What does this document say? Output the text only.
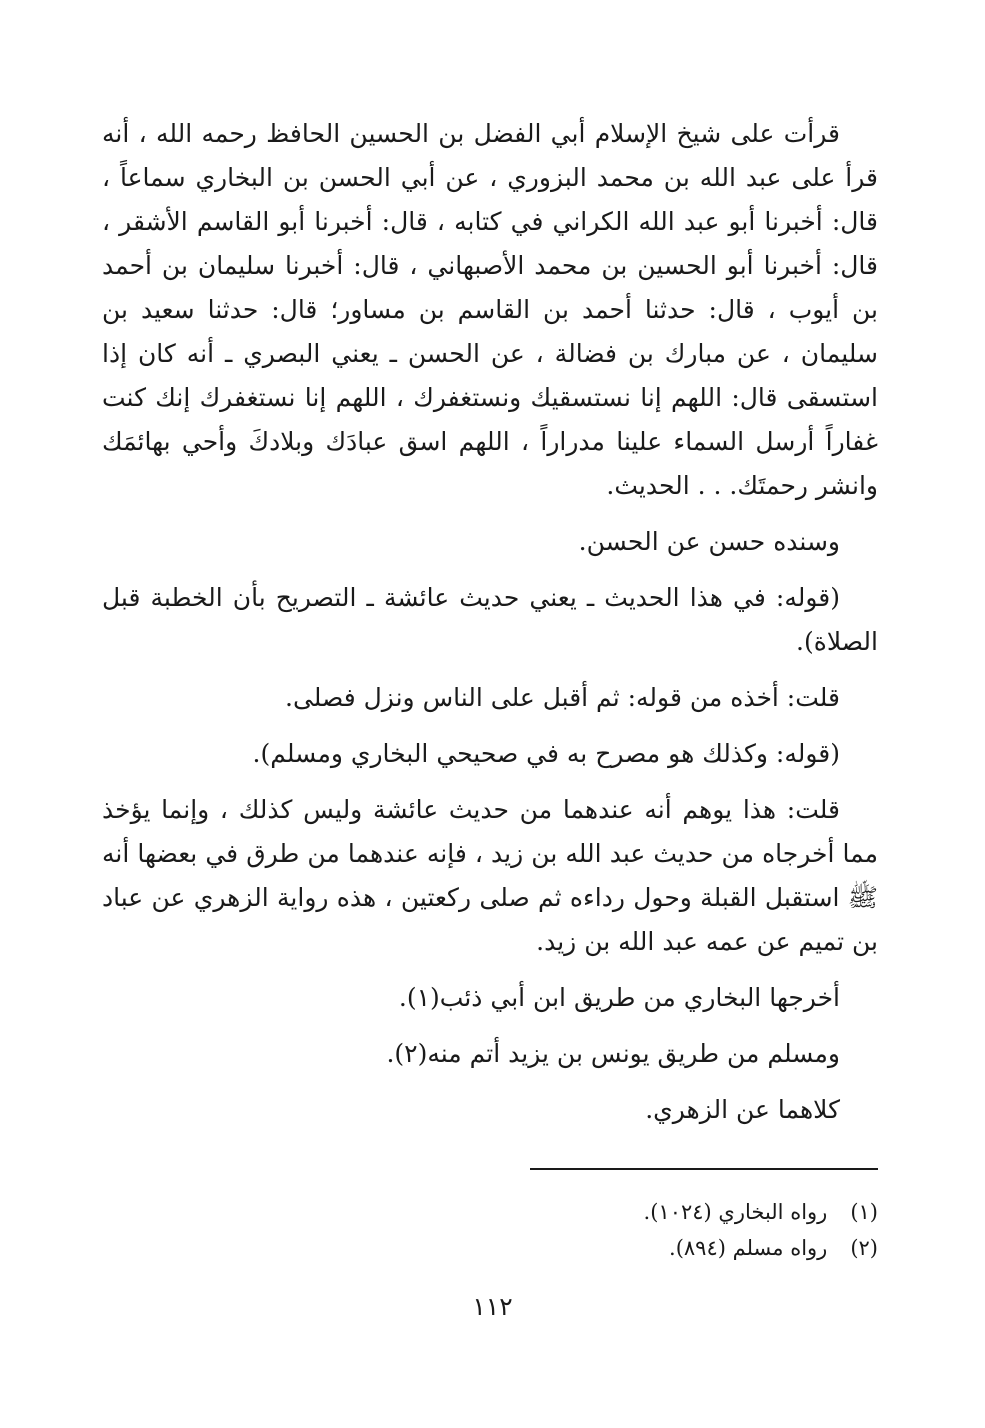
قرأت على شيخ الإسلام أبي الفضل بن الحسين الحافظ رحمه الله ، أنه قرأ على عبد الله بن محمد البزوري ، عن أبي الحسن بن البخاري سماعاً ، قال: أخبرنا أبو عبد الله الكراني في كتابه ، قال: أخبرنا أبو القاسم الأشقر ، قال: أخبرنا أبو الحسين بن محمد الأصبهاني ، قال: أخبرنا سليمان بن أحمد بن أيوب ، قال: حدثنا أحمد بن القاسم بن مساور؛ قال: حدثنا سعيد بن سليمان ، عن مبارك بن فضالة ، عن الحسن ـ يعني البصري ـ أنه كان إذا استسقى قال: اللهم إنا نستسقيك ونستغفرك ، اللهم إنا نستغفرك إنك كنت غفاراً أرسل السماء علينا مدراراً ، اللهم اسق عبادَك وبلادكَ وأحي بهائمَك وانشر رحمتَك. . . الحديث.

وسنده حسن عن الحسن.

(قوله: في هذا الحديث ـ يعني حديث عائشة ـ التصريح بأن الخطبة قبل الصلاة).

قلت: أخذه من قوله: ثم أقبل على الناس ونزل فصلى.

(قوله: وكذلك هو مصرح به في صحيحي البخاري ومسلم).

قلت: هذا يوهم أنه عندهما من حديث عائشة وليس كذلك ، وإنما يؤخذ مما أخرجاه من حديث عبد الله بن زيد ، فإنه عندهما من طرق في بعضها أنه ﷺ استقبل القبلة وحول رداءه ثم صلى ركعتين ، هذه رواية الزهري عن عباد بن تميم عن عمه عبد الله بن زيد.

أخرجها البخاري من طريق ابن أبي ذئب(١).

ومسلم من طريق يونس بن يزيد أتم منه(٢).

كلاهما عن الزهري.

(١) رواه البخاري (١٠٢٤).

(٢) رواه مسلم (٨٩٤).

١١٢
